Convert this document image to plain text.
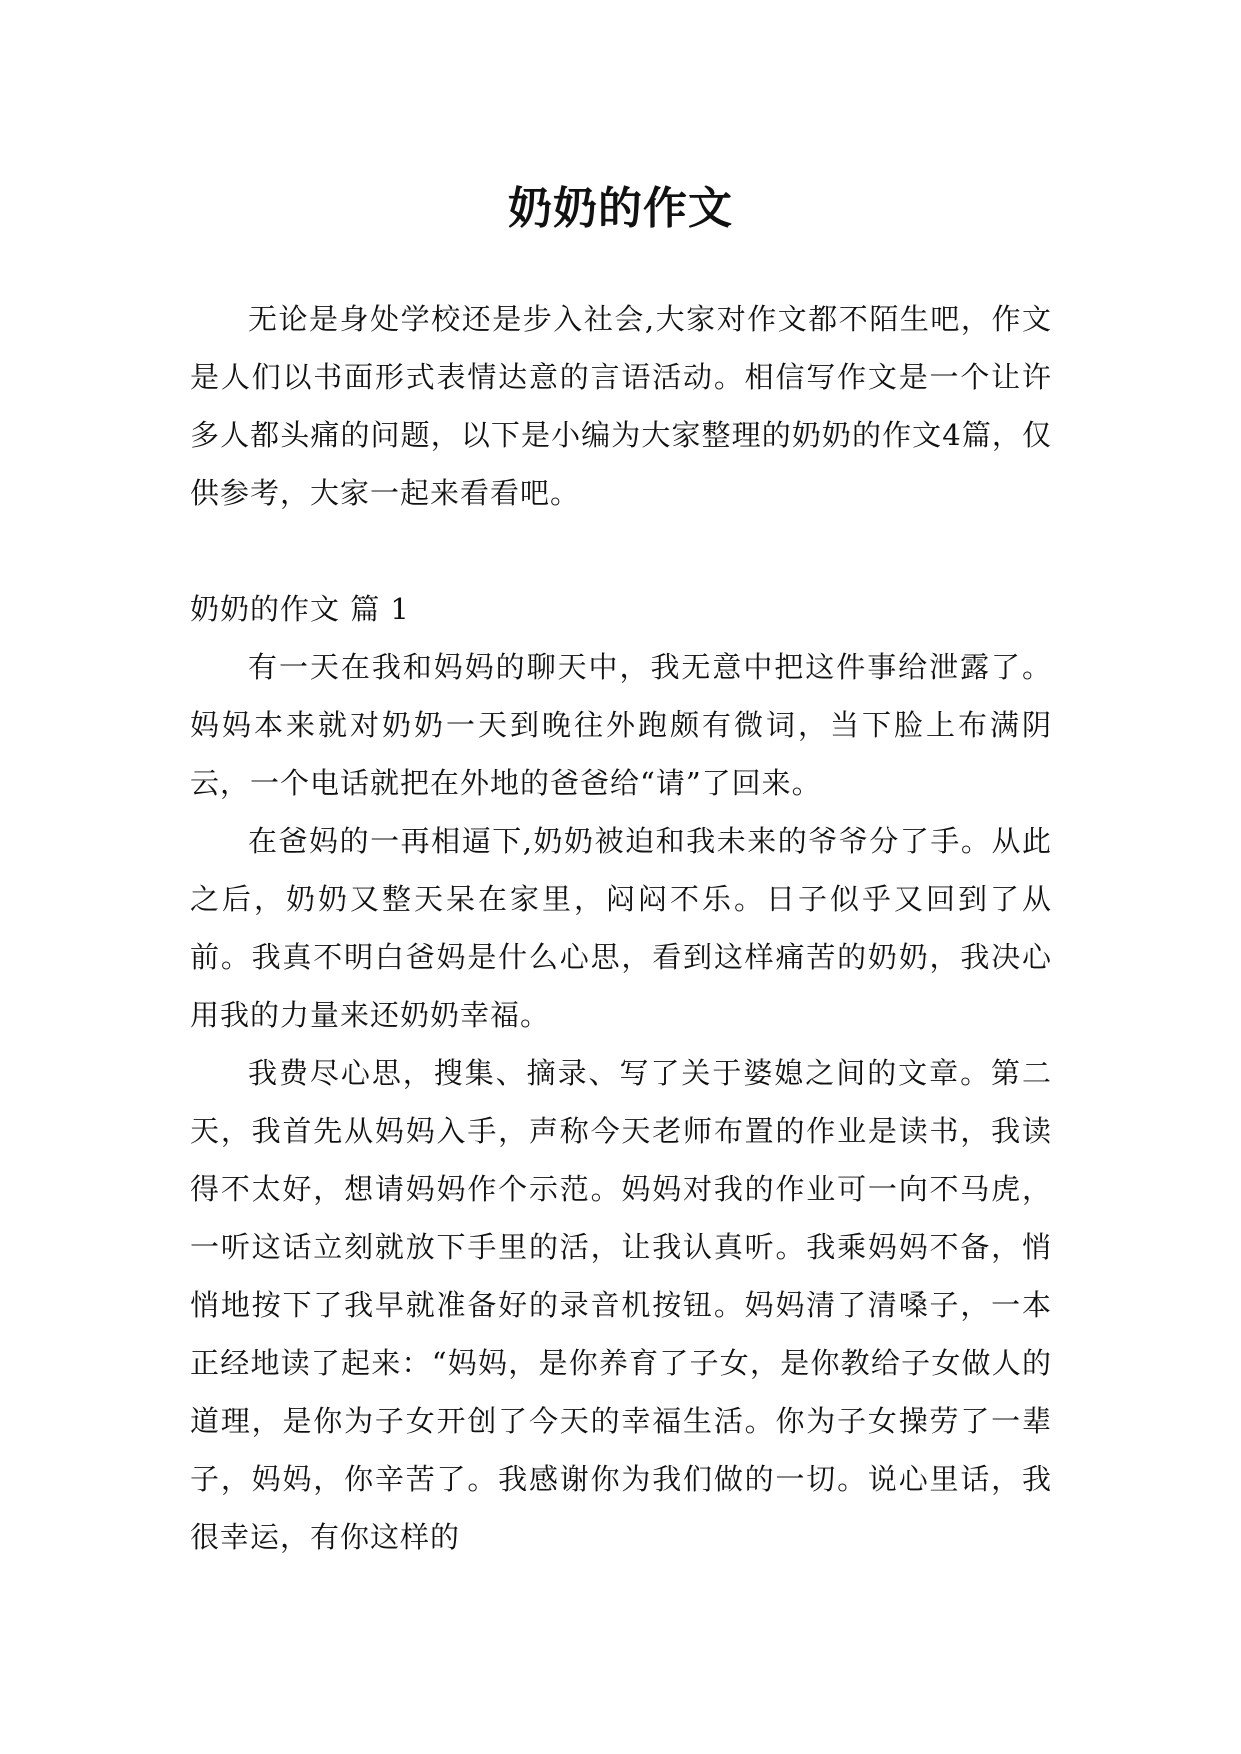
奶奶的作文

无论是身处学校还是步入社会,大家对作文都不陌生吧，作文是人们以书面形式表情达意的言语活动。相信写作文是一个让许多人都头痛的问题，以下是小编为大家整理的奶奶的作文4篇，仅供参考，大家一起来看看吧。

奶奶的作文 篇 1

有一天在我和妈妈的聊天中，我无意中把这件事给泄露了。妈妈本来就对奶奶一天到晚往外跑颇有微词，当下脸上布满阴云，一个电话就把在外地的爸爸给“请”了回来。

在爸妈的一再相逼下,奶奶被迫和我未来的爷爷分了手。从此之后，奶奶又整天呆在家里，闷闷不乐。日子似乎又回到了从前。我真不明白爸妈是什么心思，看到这样痛苦的奶奶，我决心用我的力量来还奶奶幸福。

我费尽心思，搜集、摘录、写了关于婆媳之间的文章。第二天，我首先从妈妈入手，声称今天老师布置的作业是读书，我读得不太好，想请妈妈作个示范。妈妈对我的作业可一向不马虎，一听这话立刻就放下手里的活，让我认真听。我乘妈妈不备，悄悄地按下了我早就准备好的录音机按钮。妈妈清了清嗓子，一本正经地读了起来：“妈妈，是你养育了子女，是你教给子女做人的道理，是你为子女开创了今天的幸福生活。你为子女操劳了一辈子，妈妈，你辛苦了。我感谢你为我们做的一切。说心里话，我很幸运，有你这样的
